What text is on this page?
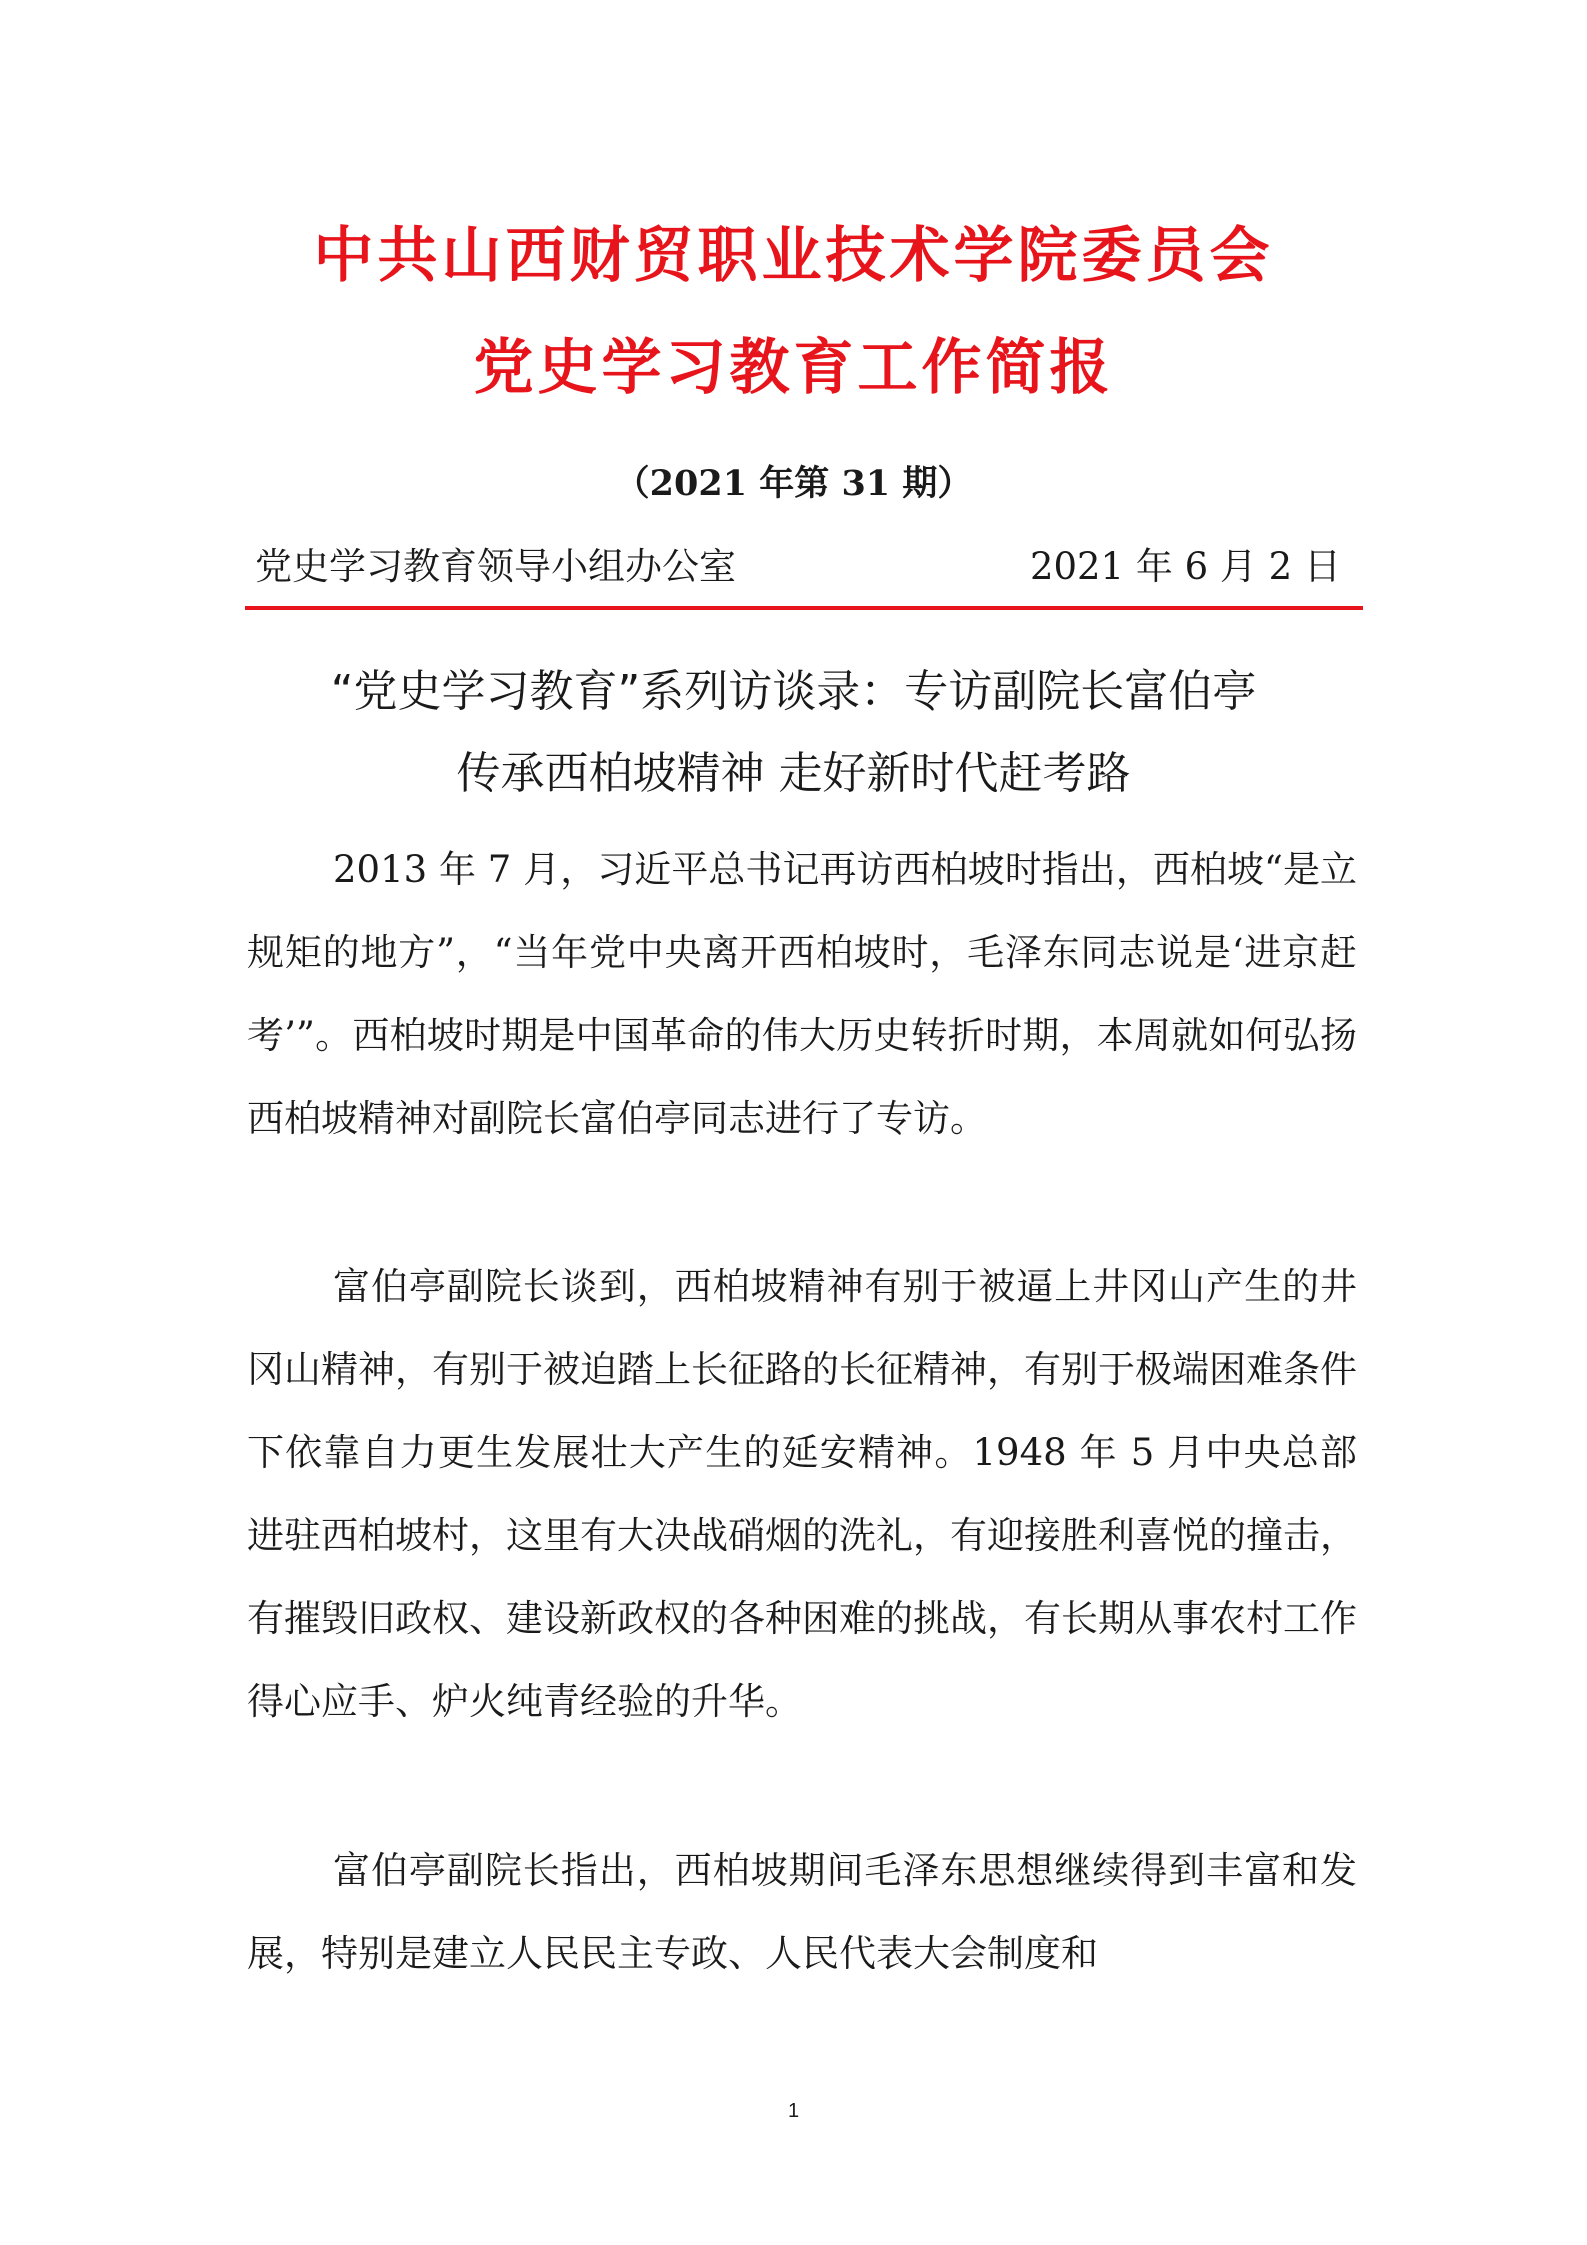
中共山西财贸职业技术学院委员会
党史学习教育工作简报
（2021 年第 31 期）
党史学习教育领导小组办公室	2021 年 6 月 2 日
“党史学习教育”系列访谈录：专访副院长富伯亭
传承西柏坡精神 走好新时代赶考路

2013 年 7 月，习近平总书记再访西柏坡时指出，西柏坡“是立规矩的地方”，“当年党中央离开西柏坡时，毛泽东同志说是‘进京赶考’”。西柏坡时期是中国革命的伟大历史转折时期，本周就如何弘扬西柏坡精神对副院长富伯亭同志进行了专访。

富伯亭副院长谈到，西柏坡精神有别于被逼上井冈山产生的井冈山精神，有别于被迫踏上长征路的长征精神，有别于极端困难条件下依靠自力更生发展壮大产生的延安精神。1948 年 5 月中央总部进驻西柏坡村，这里有大决战硝烟的洗礼，有迎接胜利喜悦的撞击，有摧毁旧政权、建设新政权的各种困难的挑战，有长期从事农村工作得心应手、炉火纯青经验的升华。

富伯亭副院长指出，西柏坡期间毛泽东思想继续得到丰富和发展，特别是建立人民民主专政、人民代表大会制度和

1
